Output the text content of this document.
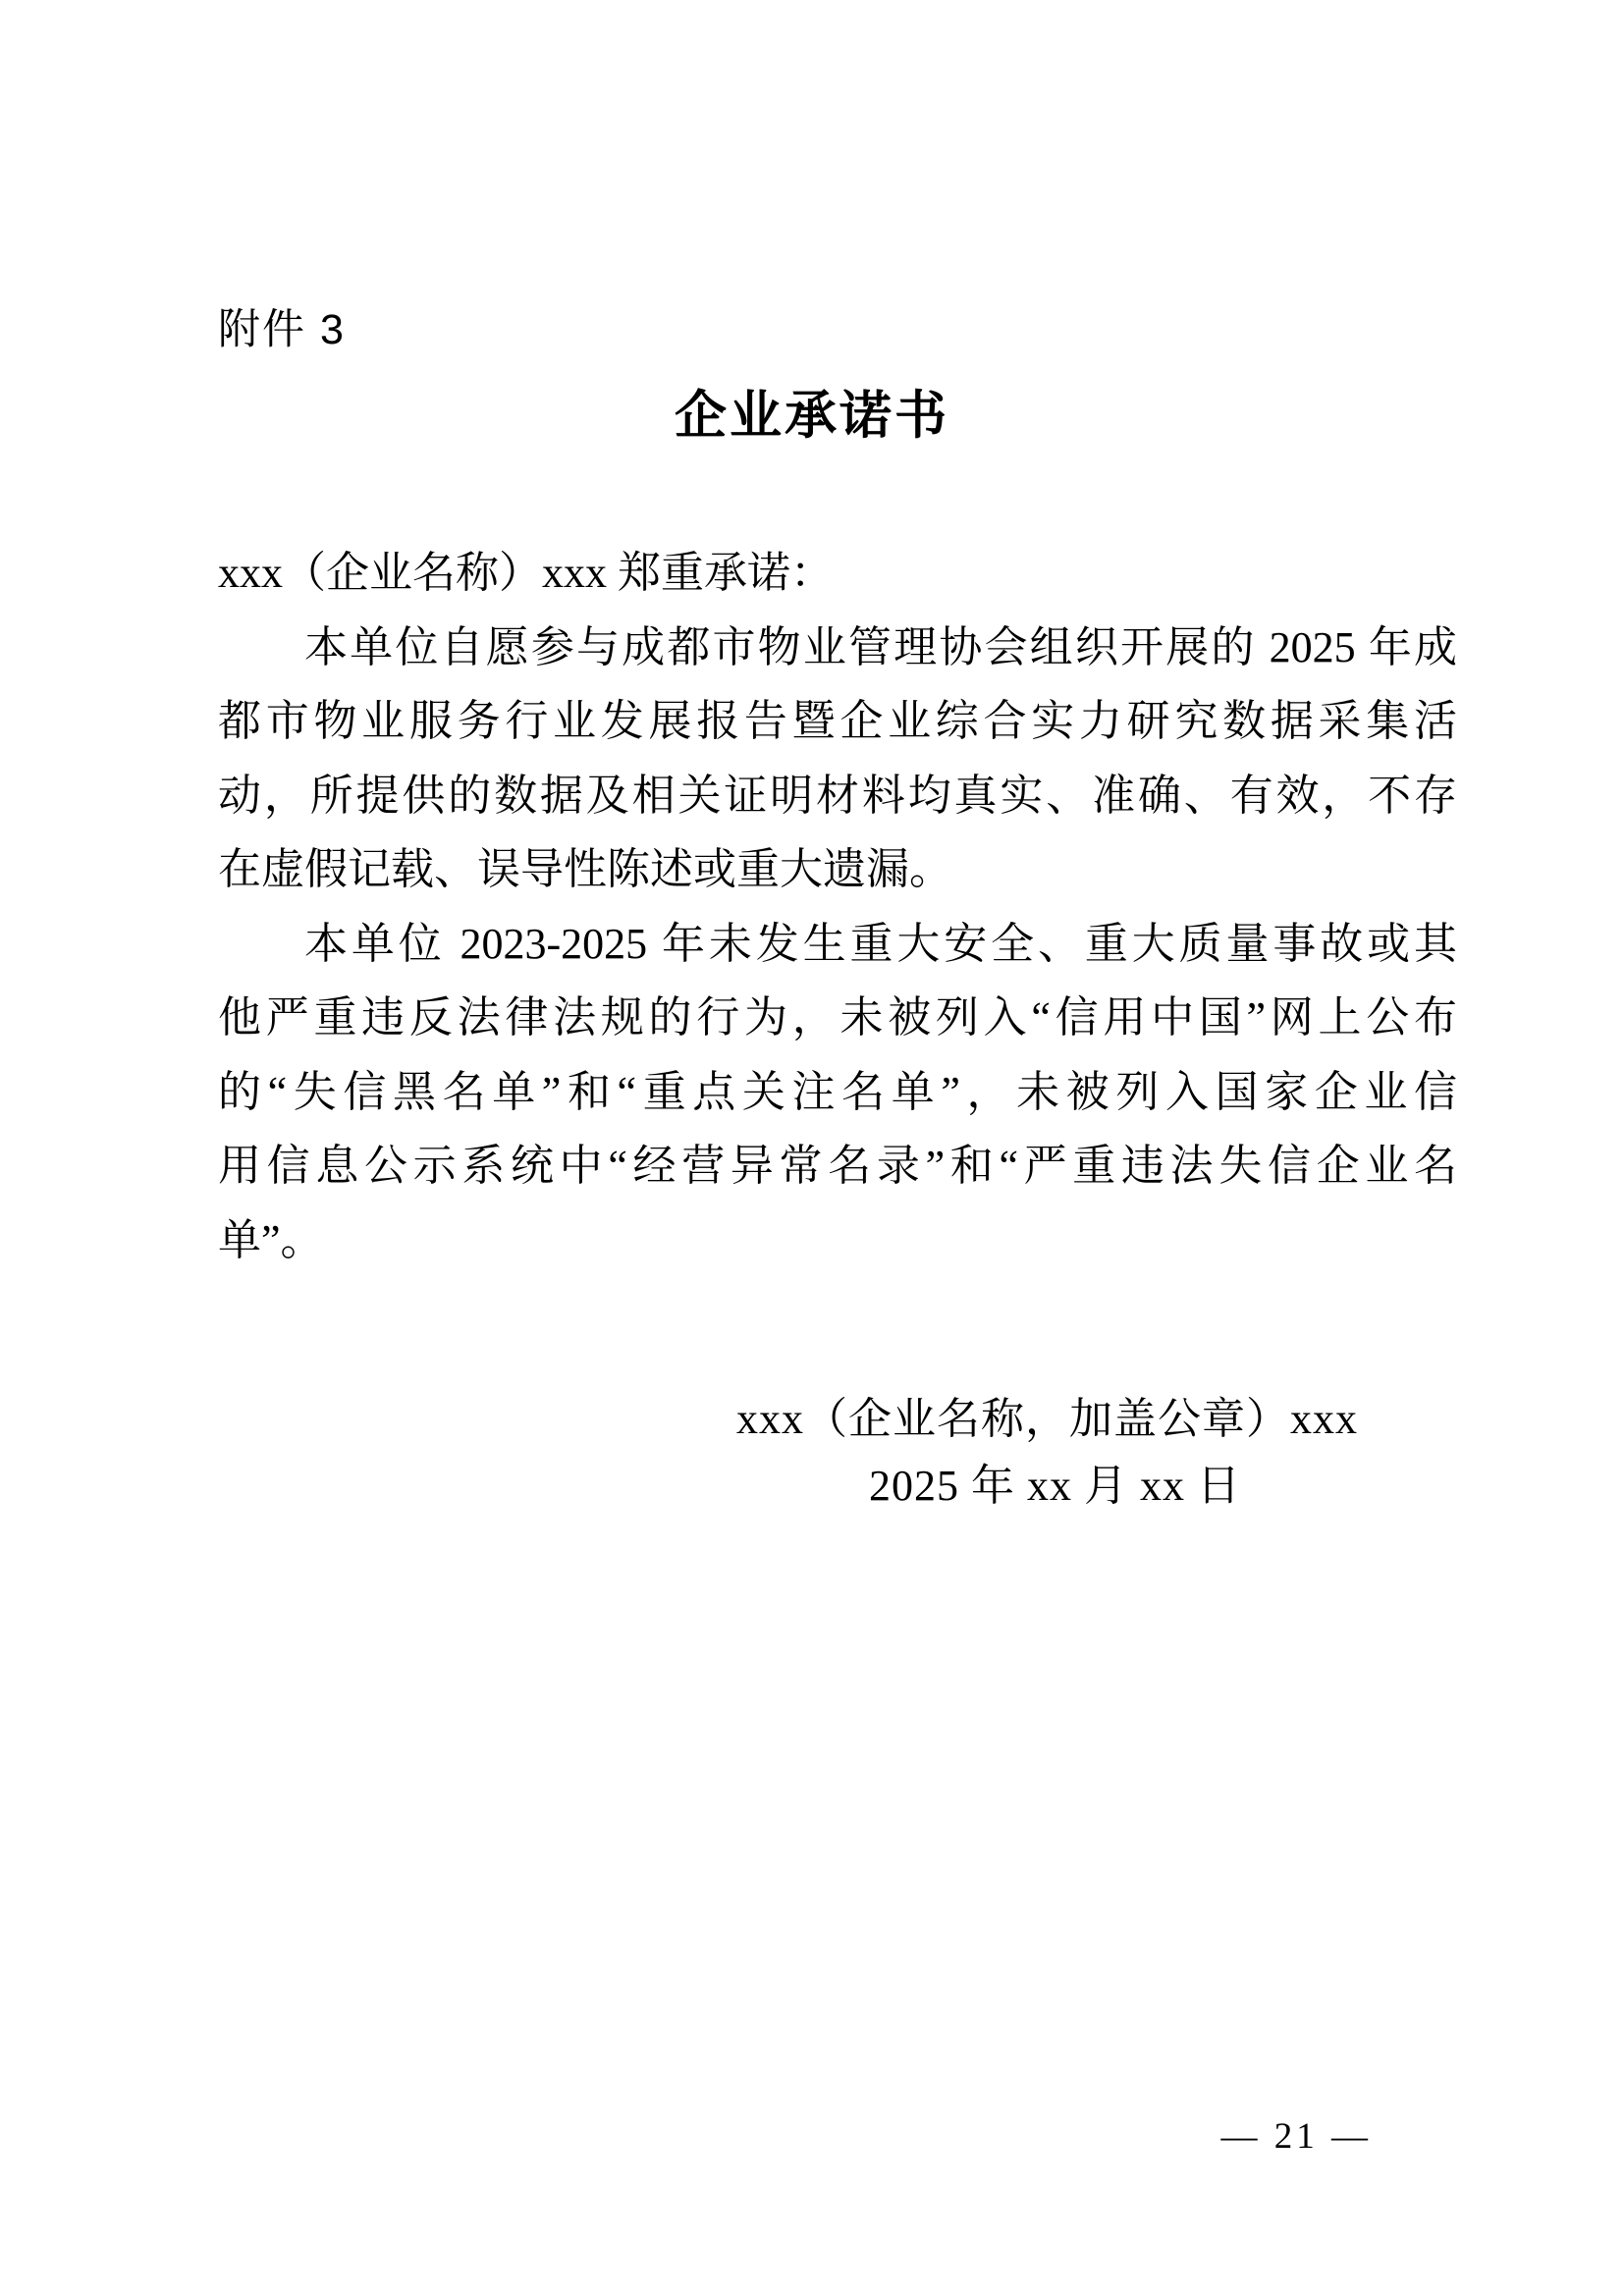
附件 3
企业承诺书
xxx（企业名称）xxx 郑重承诺：
本单位自愿参与成都市物业管理协会组织开展的 2025 年成
都市物业服务行业发展报告暨企业综合实力研究数据采集活
动，所提供的数据及相关证明材料均真实、准确、有效，不存
在虚假记载、误导性陈述或重大遗漏。
本单位 2023-2025 年未发生重大安全、重大质量事故或其
他严重违反法律法规的行为，未被列入“信用中国”网上公布
的“失信黑名单”和“重点关注名单”，未被列入国家企业信
用信息公示系统中“经营异常名录”和“严重违法失信企业名
单”。
xxx（企业名称，加盖公章）xxx
2025 年 xx 月 xx 日
— 21 —
